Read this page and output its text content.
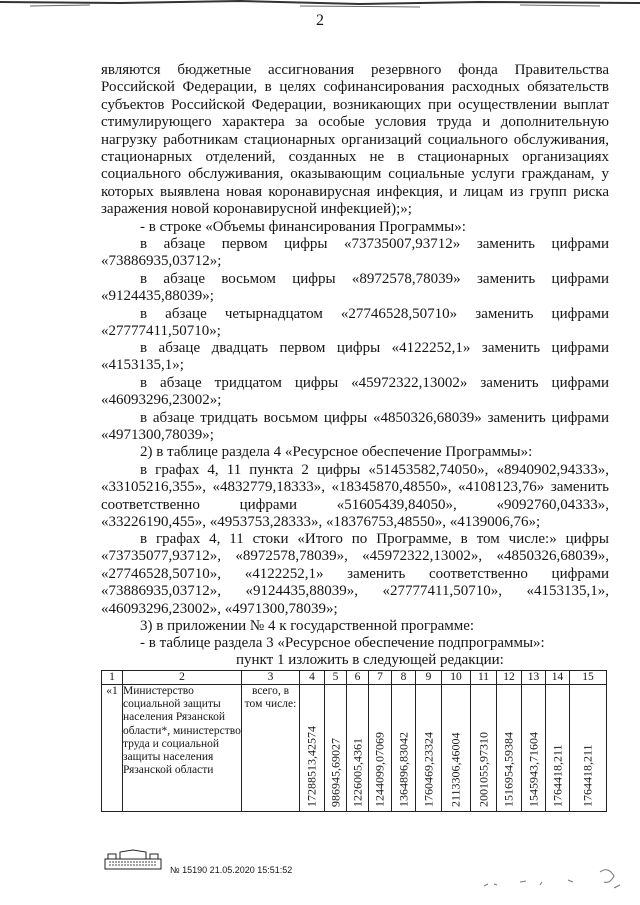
2
являются бюджетные ассигнования резервного фонда Правительства Российской Федерации, в целях софинансирования расходных обязательств субъектов Российской Федерации, возникающих при осуществлении выплат стимулирующего характера за особые условия труда и дополнительную нагрузку работникам стационарных организаций социального обслуживания, стационарных отделений, созданных не в стационарных организациях социального обслуживания, оказывающим социальные услуги гражданам, у которых выявлена новая коронавирусная инфекция, и лицам из групп риска заражения новой коронавирусной инфекцией);»;
- в строке «Объемы финансирования Программы»:
в абзаце первом цифры «73735007,93712» заменить цифрами «73886935,03712»;
в абзаце восьмом цифры «8972578,78039» заменить цифрами «9124435,88039»;
в абзаце четырнадцатом «27746528,50710» заменить цифрами «27777411,50710»;
в абзаце двадцать первом цифры «4122252,1» заменить цифрами «4153135,1»;
в абзаце тридцатом цифры «45972322,13002» заменить цифрами «46093296,23002»;
в абзаце тридцать восьмом цифры «4850326,68039» заменить цифрами «4971300,78039»;
2) в таблице раздела 4 «Ресурсное обеспечение Программы»:
в графах 4, 11 пункта 2 цифры «51453582,74050», «8940902,94333», «33105216,355», «4832779,18333», «18345870,48550», «4108123,76» заменить соответственно цифрами «51605439,84050», «9092760,04333», «33226190,455», «4953753,28333», «18376753,48550», «4139006,76»;
в графах 4, 11 стоки «Итого по Программе, в том числе:» цифры «73735077,93712», «8972578,78039», «45972322,13002», «4850326,68039», «27746528,50710», «4122252,1» заменить соответственно цифрами «73886935,03712», «9124435,88039», «27777411,50710», «4153135,1», «46093296,23002», «4971300,78039»;
3) в приложении № 4 к государственной программе:
- в таблице раздела 3 «Ресурсное обеспечение подпрограммы»:
пункт 1 изложить в следующей редакции:
1	2	3	4	5	6	7	8	9	10	11	12	13	14	15
«1	Министерство социальной защиты населения Рязанской области*, министерство труда и социальной защиты населения Рязанской области	всего, в том числе:	17288513,42574	986945,69027	1226005,4361	1244099,07069	1364896,83042	1760469,23324	2113306,46004	2001055,97310	1516954,59384	1545943,71604	1764418,211	1764418,211
№ 15190 21.05.2020 15:51:52
